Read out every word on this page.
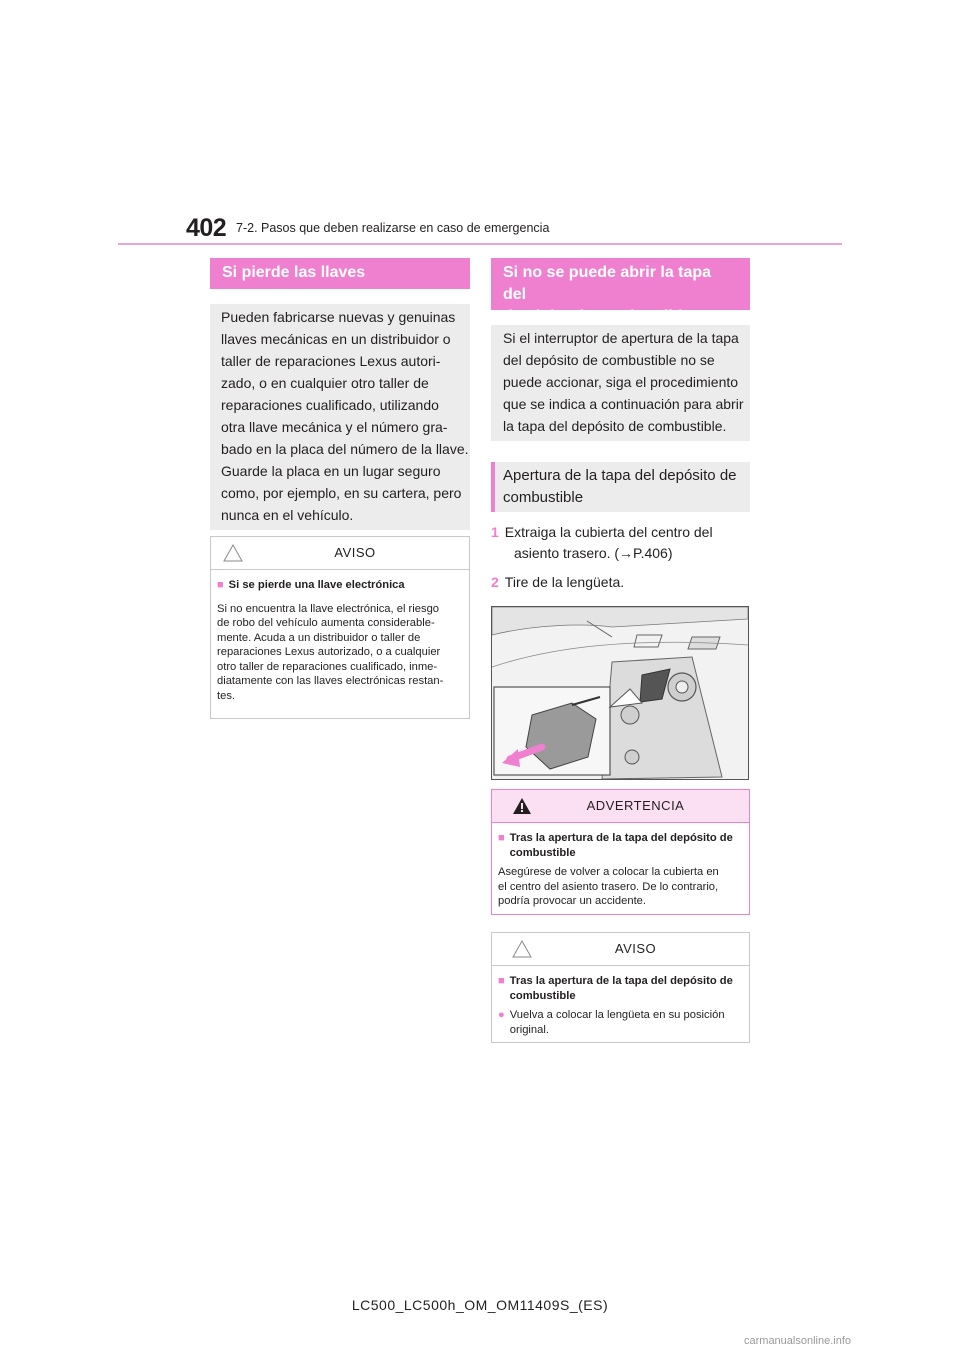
402 7-2. Pasos que deben realizarse en caso de emergencia
Si pierde las llaves
Pueden fabricarse nuevas y genuinas
llaves mecánicas en un distribuidor o
taller de reparaciones Lexus autori-
zado, o en cualquier otro taller de
reparaciones cualificado, utilizando
otra llave mecánica y el número gra-
bado en la placa del número de la llave.
Guarde la placa en un lugar seguro
como, por ejemplo, en su cartera, pero
nunca en el vehículo.
AVISO
■ Si se pierde una llave electrónica
Si no encuentra la llave electrónica, el riesgo
de robo del vehículo aumenta considerable-
mente. Acuda a un distribuidor o taller de
reparaciones Lexus autorizado, o a cualquier
otro taller de reparaciones cualificado, inme-
diatamente con las llaves electrónicas restan-
tes.
Si no se puede abrir la tapa del
depósito de combustible
Si el interruptor de apertura de la tapa
del depósito de combustible no se
puede accionar, siga el procedimiento
que se indica a continuación para abrir
la tapa del depósito de combustible.
Apertura de la tapa del depósito de
combustible
1 Extraiga la cubierta del centro del
asiento trasero. (→P.406)
2 Tire de la lengüeta.
ADVERTENCIA
■ Tras la apertura de la tapa del depósito de
combustible
Asegúrese de volver a colocar la cubierta en
el centro del asiento trasero. De lo contrario,
podría provocar un accidente.
AVISO
■ Tras la apertura de la tapa del depósito de
combustible
● Vuelva a colocar la lengüeta en su posición
original.
LC500_LC500h_OM_OM11409S_(ES)
carmanualsonline.info
